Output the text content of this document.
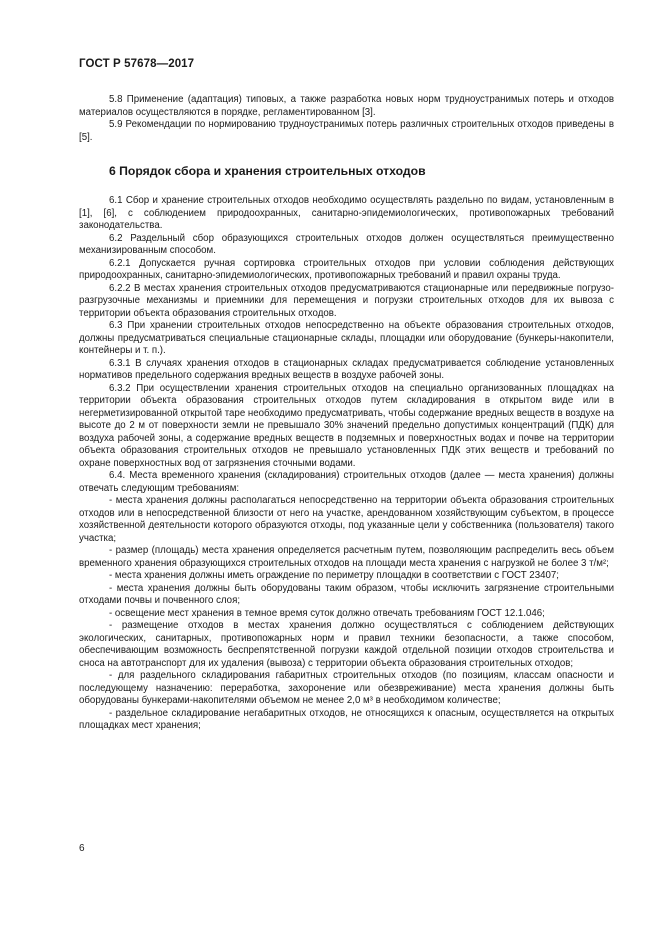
ГОСТ Р 57678—2017

5.8 Применение (адаптация) типовых, а также разработка новых норм трудноустранимых потерь и отходов материалов осуществляются в порядке, регламентированном [3].

5.9 Рекомендации по нормированию трудноустранимых потерь различных строительных отходов приведены в [5].

6 Порядок сбора и хранения строительных отходов

6.1 Сбор и хранение строительных отходов необходимо осуществлять раздельно по видам, установленным в [1], [6], с соблюдением природоохранных, санитарно-эпидемиологических, противопожарных требований законодательства.

6.2 Раздельный сбор образующихся строительных отходов должен осуществляться преимущественно механизированным способом.

6.2.1 Допускается ручная сортировка строительных отходов при условии соблюдения действующих природоохранных, санитарно-эпидемиологических, противопожарных требований и правил охраны труда.

6.2.2 В местах хранения строительных отходов предусматриваются стационарные или передвижные погрузо-разгрузочные механизмы и приемники для перемещения и погрузки строительных отходов для их вывоза с территории объекта образования строительных отходов.

6.3 При хранении строительных отходов непосредственно на объекте образования строительных отходов, должны предусматриваться специальные стационарные склады, площадки или оборудование (бункеры-накопители, контейнеры и т. п.).

6.3.1 В случаях хранения отходов в стационарных складах предусматривается соблюдение установленных нормативов предельного содержания вредных веществ в воздухе рабочей зоны.

6.3.2 При осуществлении хранения строительных отходов на специально организованных площадках на территории объекта образования строительных отходов путем складирования в открытом виде или в негерметизированной открытой таре необходимо предусматривать, чтобы содержание вредных веществ в воздухе на высоте до 2 м от поверхности земли не превышало 30% значений предельно допустимых концентраций (ПДК) для воздуха рабочей зоны, а содержание вредных веществ в подземных и поверхностных водах и почве на территории объекта образования строительных отходов не превышало установленных ПДК этих веществ и требований по охране поверхностных вод от загрязнения сточными водами.

6.4. Места временного хранения (складирования) строительных отходов (далее — места хранения) должны отвечать следующим требованиям:

- места хранения должны располагаться непосредственно на территории объекта образования строительных отходов или в непосредственной близости от него на участке, арендованном хозяйствующим субъектом, в процессе хозяйственной деятельности которого образуются отходы, под указанные цели у собственника (пользователя) такого участка;

- размер (площадь) места хранения определяется расчетным путем, позволяющим распределить весь объем временного хранения образующихся строительных отходов на площади места хранения с нагрузкой не более 3 т/м²;

- места хранения должны иметь ограждение по периметру площадки в соответствии с ГОСТ 23407;

- места хранения должны быть оборудованы таким образом, чтобы исключить загрязнение строительными отходами почвы и почвенного слоя;

- освещение мест хранения в темное время суток должно отвечать требованиям ГОСТ 12.1.046;

- размещение отходов в местах хранения должно осуществляться с соблюдением действующих экологических, санитарных, противопожарных норм и правил техники безопасности, а также способом, обеспечивающим возможность беспрепятственной погрузки каждой отдельной позиции отходов строительства и сноса на автотранспорт для их удаления (вывоза) с территории объекта образования строительных отходов;

- для раздельного складирования габаритных строительных отходов (по позициям, классам опасности и последующему назначению: переработка, захоронение или обезвреживание) места хранения должны быть оборудованы бункерами-накопителями объемом не менее 2,0 м³ в необходимом количестве;

- раздельное складирование негабаритных отходов, не относящихся к опасным, осуществляется на открытых площадках мест хранения;

6
